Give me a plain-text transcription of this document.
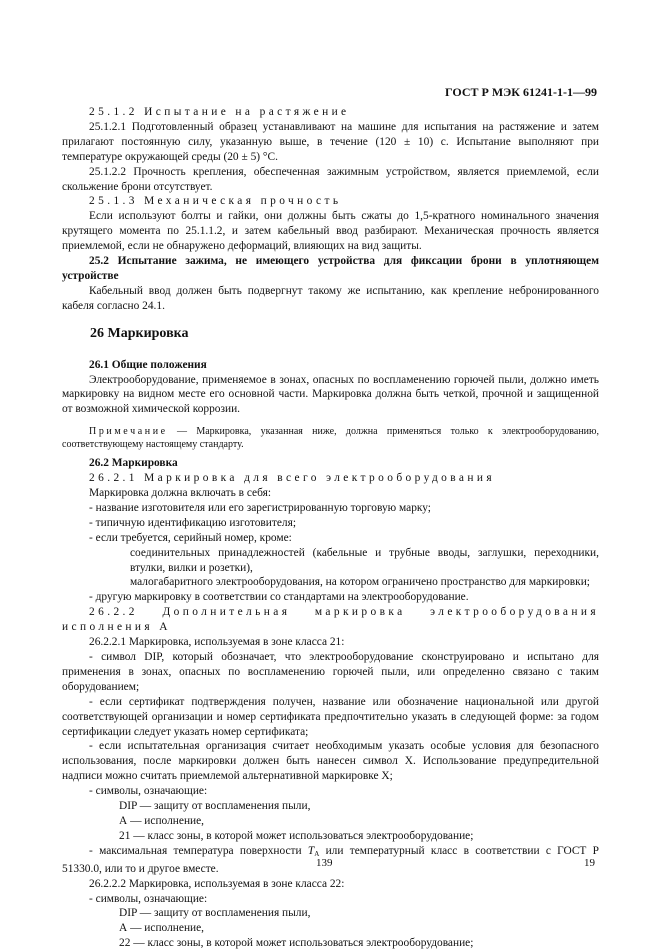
ГОСТ Р МЭК 61241-1-1—99

25.1.2 Испытание на растяжение

25.1.2.1 Подготовленный образец устанавливают на машине для испытания на растяжение и затем прилагают постоянную силу, указанную выше, в течение (120 ± 10) с. Испытание выполняют при температуре окружающей среды (20 ± 5) °С.

25.1.2.2 Прочность крепления, обеспеченная зажимным устройством, является приемлемой, если скольжение брони отсутствует.

25.1.3 Механическая прочность

Если используют болты и гайки, они должны быть сжаты до 1,5-кратного номинального значения крутящего момента по 25.1.1.2, и затем кабельный ввод разбирают. Механическая прочность является приемлемой, если не обнаружено деформаций, влияющих на вид защиты.

25.2 Испытание зажима, не имеющего устройства для фиксации брони в уплотняющем устройстве

Кабельный ввод должен быть подвергнут такому же испытанию, как крепление небронированного кабеля согласно 24.1.

26 Маркировка

26.1 Общие положения

Электрооборудование, применяемое в зонах, опасных по воспламенению горючей пыли, должно иметь маркировку на видном месте его основной части. Маркировка должна быть четкой, прочной и защищенной от возможной химической коррозии.

Примечание — Маркировка, указанная ниже, должна применяться только к электрооборудованию, соответствующему настоящему стандарту.

26.2 Маркировка

26.2.1 Маркировка для всего электрооборудования

Маркировка должна включать в себя:

- название изготовителя или его зарегистрированную торговую марку;

- типичную идентификацию изготовителя;

- если требуется, серийный номер, кроме:

соединительных принадлежностей (кабельные и трубные вводы, заглушки, переходники, втулки, вилки и розетки),

малогабаритного электрооборудования, на котором ограничено пространство для маркировки;

- другую маркировку в соответствии со стандартами на электрооборудование.

26.2.2 Дополнительная маркировка электрооборудования исполнения А

26.2.2.1 Маркировка, используемая в зоне класса 21:

- символ DIP, который обозначает, что электрооборудование сконструировано и испытано для применения в зонах, опасных по воспламенению горючей пыли, или определенно связано с таким оборудованием;

- если сертификат подтверждения получен, название или обозначение национальной или другой соответствующей организации и номер сертификата предпочтительно указать в следующей форме: за годом сертификации следует указать номер сертификата;

- если испытательная организация считает необходимым указать особые условия для безопасного использования, после маркировки должен быть нанесен символ X. Использование предупредительной надписи можно считать приемлемой альтернативной маркировке X;

- символы, означающие:

DIP — защиту от воспламенения пыли,

А — исполнение,

21 — класс зоны, в которой может использоваться электрооборудование;

- максимальная температура поверхности $T_A$ или температурный класс в соответствии с ГОСТ Р 51330.0, или то и другое вместе.

26.2.2.2 Маркировка, используемая в зоне класса 22:

- символы, означающие:

DIP — защиту от воспламенения пыли,

А — исполнение,

22 — класс зоны, в которой может использоваться электрооборудование;

139	19
